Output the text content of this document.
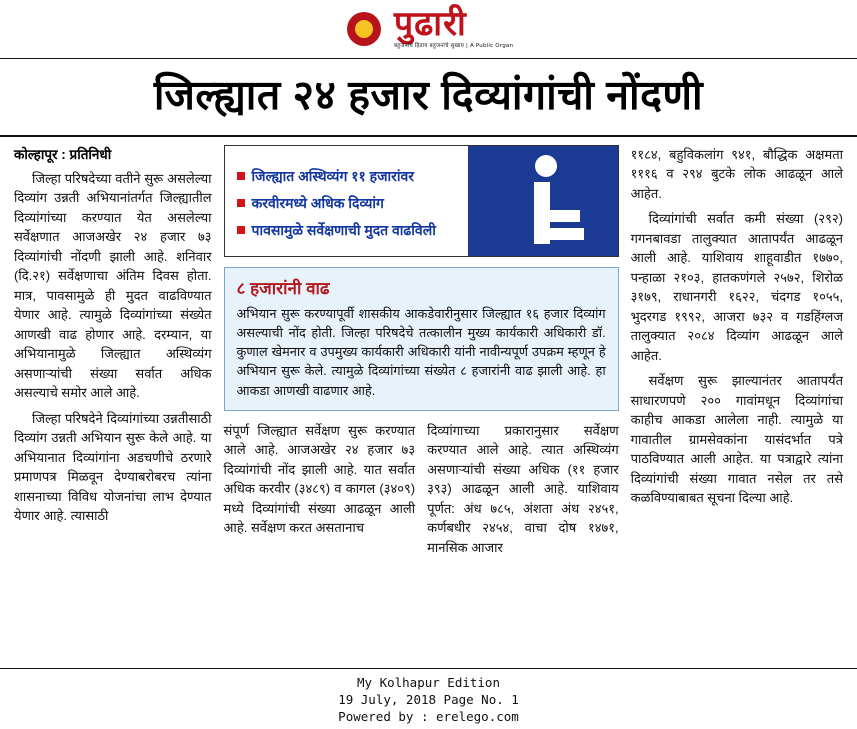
पुढारी
बहुजनांचे हिताय बहुजनांचे सुखाय | A Public Organ
जिल्ह्यात २४ हजार दिव्यांगांची नोंदणी
कोल्हापूर : प्रतिनिधी

जिल्हा परिषदेच्या वतीने सुरू असलेल्या दिव्यांग उन्नती अभियानांतर्गत जिल्ह्यातील दिव्यांगांच्या करण्यात येत असलेल्या सर्वेक्षणात आजअखेर २४ हजार ७३ दिव्यांगांची नोंदणी झाली आहे. शनिवार (दि.२१) सर्वेक्षणाचा अंतिम दिवस होता. मात्र, पावसामुळे ही मुदत वाढविण्यात येणार आहे. त्यामुळे दिव्यांगांच्या संख्येत आणखी वाढ होणार आहे. दरम्यान, या अभियानामुळे जिल्ह्यात अस्थिव्यंग असणाऱ्यांची संख्या सर्वात अधिक असल्याचे समोर आले आहे.

जिल्हा परिषदेने दिव्यांगांच्या उन्नतीसाठी दिव्यांग उन्नती अभियान सुरू केले आहे. या अभियानात दिव्यांगांना अडचणीचे ठरणारे प्रमाणपत्र मिळवून देण्याबरोबरच त्यांना शासनाच्या विविध योजनांचा लाभ देण्यात येणार आहे. त्यासाठी

जिल्ह्यात अस्थिव्यंग ११ हजारांवर
करवीरमध्ये अधिक दिव्यांग
पावसामुळे सर्वेक्षणाची मुदत वाढविली
८ हजारांनी वाढ

अभियान सुरू करण्यापूर्वी शासकीय आकडेवारीनुसार जिल्ह्यात १६ हजार दिव्यांग असल्याची नोंद होती. जिल्हा परिषदेचे तत्कालीन मुख्य कार्यकारी अधिकारी डॉ. कुणाल खेमनार व उपमुख्य कार्यकारी अधिकारी यांनी नावीन्यपूर्ण उपक्रम म्हणून हे अभियान सुरू केले. त्यामुळे दिव्यांगांच्या संख्येत ८ हजारांनी वाढ झाली आहे. हा आकडा आणखी वाढणार आहे.

संपूर्ण जिल्ह्यात सर्वेक्षण सुरू करण्यात आले आहे. आजअखेर २४ हजार ७३ दिव्यांगांची नोंद झाली आहे. यात सर्वात अधिक करवीर (३४८९) व कागल (३४०९) मध्ये दिव्यांगांची संख्या आढळून आली आहे. सर्वेक्षण करत असतानाच

दिव्यांगाच्या प्रकारानुसार सर्वेक्षण करण्यात आले आहे. त्यात अस्थिव्यंग असणाऱ्यांची संख्या अधिक (११ हजार ३९३) आढळून आली आहे. याशिवाय पूर्णत: अंध ७८५, अंशता अंध २४५१, कर्णबधीर २४५४, वाचा दोष १४७१, मानसिक आजार

११८४, बहुविकलांग ९४१, बौद्धिक अक्षमता १११६ व २९४ बुटके लोक आढळून आले आहेत.

दिव्यांगांची सर्वात कमी संख्या (२९२) गगनबावडा तालुक्यात आतापर्यंत आढळून आली आहे. याशिवाय शाहूवाडीत १७७०, पन्हाळा २१०३, हातकणंगले २५७२, शिरोळ ३१७९, राधानगरी १६२२, चंदगड १०५५, भुदरगड १९९२, आजरा ७३२ व गडहिंग्लज तालुक्यात २०८४ दिव्यांग आढळून आले आहेत.

सर्वेक्षण सुरू झाल्यानंतर आतापर्यंत साधारणपणे २०० गावांमधून दिव्यांगांचा काहीच आकडा आलेला नाही. त्यामुळे या गावातील ग्रामसेवकांना यासंदर्भात पत्रे पाठविण्यात आली आहेत. या पत्राद्वारे त्यांना दिव्यांगांची संख्या गावात नसेल तर तसे कळविण्याबाबत सूचना दिल्या आहे.

My Kolhapur Edition
19 July, 2018 Page No. 1
Powered by : erelego.com
